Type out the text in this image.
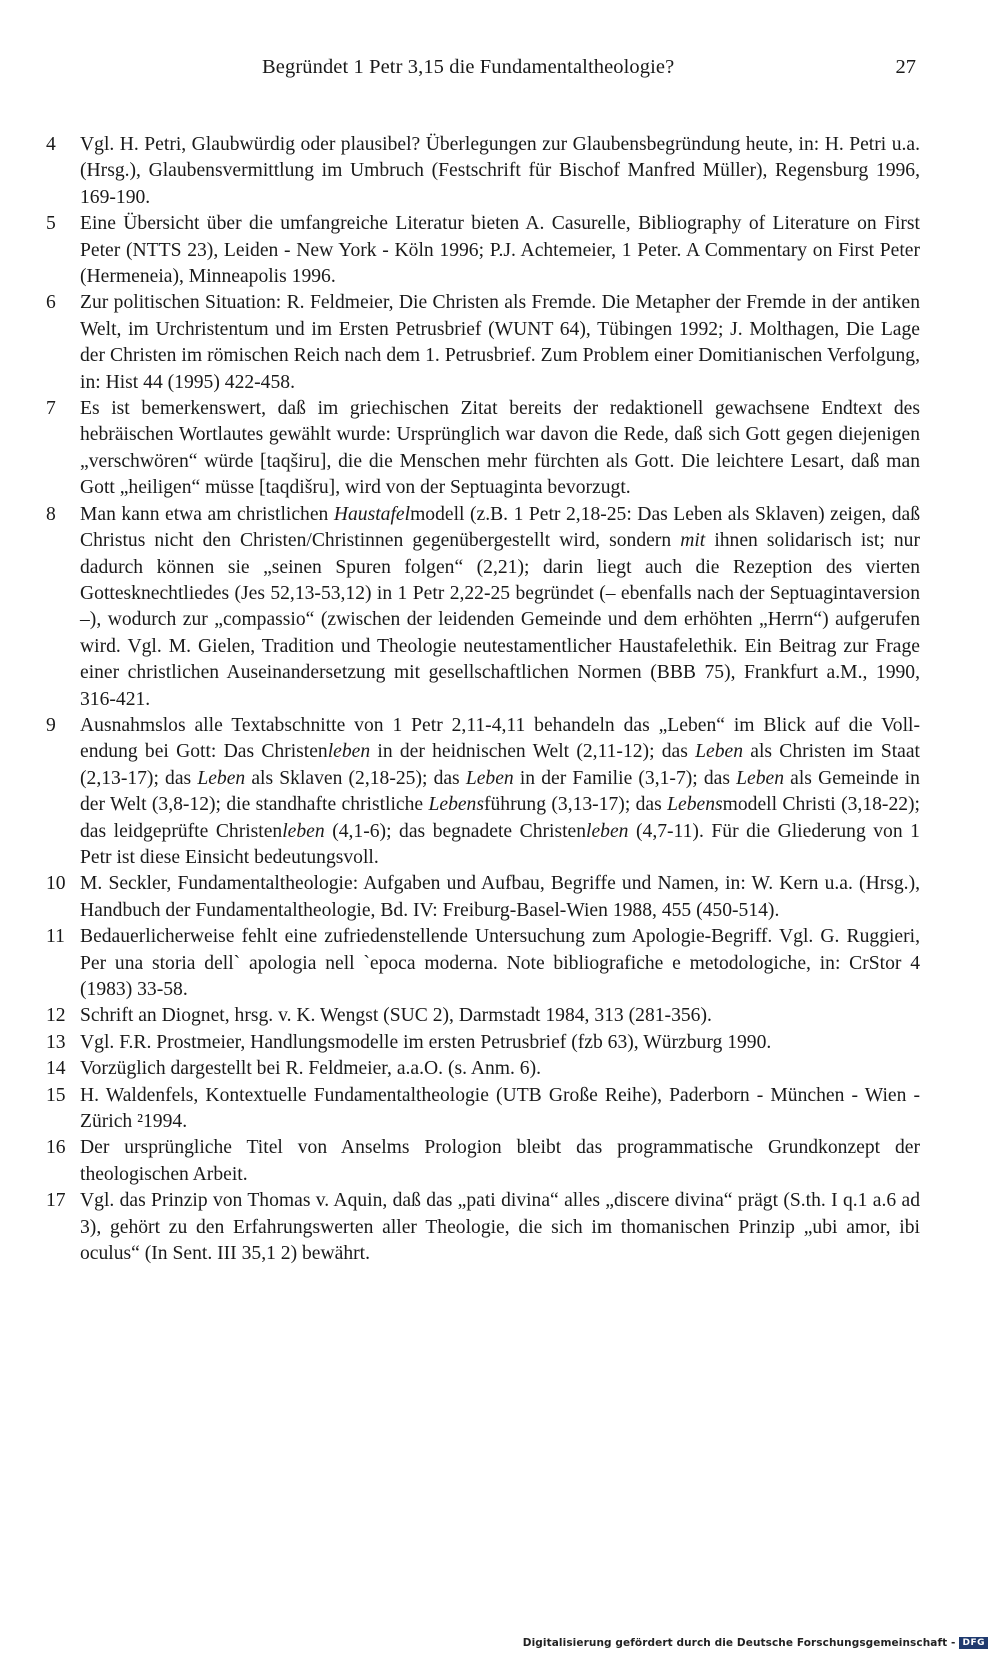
Begründet 1 Petr 3,15 die Fundamentaltheologie?	27
4	Vgl. H. Petri, Glaubwürdig oder plausibel? Überlegungen zur Glaubensbegründung heute, in: H. Petri u.a. (Hrsg.), Glaubensvermittlung im Umbruch (Festschrift für Bischof Manfred Müller), Regensburg 1996, 169-190.
5	Eine Übersicht über die umfangreiche Literatur bieten A. Casurelle, Bibliography of Literature on First Peter (NTTS 23), Leiden - New York - Köln 1996; P.J. Achtemeier, 1 Peter. A Commentary on First Peter (Hermeneia), Minneapolis 1996.
6	Zur politischen Situation: R. Feldmeier, Die Christen als Fremde. Die Metapher der Fremde in der antiken Welt, im Urchristentum und im Ersten Petrusbrief (WUNT 64), Tübingen 1992; J. Molthagen, Die Lage der Christen im römischen Reich nach dem 1. Petrusbrief. Zum Problem einer Domitianischen Verfolgung, in: Hist 44 (1995) 422-458.
7	Es ist bemerkenswert, daß im griechischen Zitat bereits der redaktionell gewachsene Endtext des hebräischen Wortlautes gewählt wurde: Ursprünglich war davon die Rede, daß sich Gott gegen diejenigen „verschwören“ würde [taqširu], die die Menschen mehr fürchten als Gott. Die leichtere Lesart, daß man Gott „heiligen“ müsse [taqdišru], wird von der Septuaginta bevorzugt.
8	Man kann etwa am christlichen Haustafelmodell (z.B. 1 Petr 2,18-25: Das Leben als Sklaven) zeigen, daß Christus nicht den Christen/Christinnen gegenübergestellt wird, sondern mit ihnen solidarisch ist; nur dadurch können sie „seinen Spuren folgen“ (2,21); darin liegt auch die Rezeption des vierten Gottesknechtliedes (Jes 52,13-53,12) in 1 Petr 2,22-25 begründet (– ebenfalls nach der Septuagintaversion –), wodurch zur „compassio“ (zwischen der leidenden Gemeinde und dem erhöhten „Herrn“) aufgerufen wird. Vgl. M. Gielen, Tradition und Theologie neutestamentlicher Haustafelethik. Ein Beitrag zur Frage einer christlichen Auseinandersetzung mit gesellschaftlichen Normen (BBB 75), Frankfurt a.M., 1990, 316-421.
9	Ausnahmslos alle Textabschnitte von 1 Petr 2,11-4,11 behandeln das „Leben“ im Blick auf die Voll-endung bei Gott: Das Christenleben in der heidnischen Welt (2,11-12); das Leben als Christen im Staat (2,13-17); das Leben als Sklaven (2,18-25); das Leben in der Familie (3,1-7); das Leben als Gemeinde in der Welt (3,8-12); die standhafte christliche Lebensführung (3,13-17); das Lebensmodell Christi (3,18-22); das leidgeprüfte Christenleben (4,1-6); das begnadete Christenleben (4,7-11). Für die Gliederung von 1 Petr ist diese Einsicht bedeutungsvoll.
10 M. Seckler, Fundamentaltheologie: Aufgaben und Aufbau, Begriffe und Namen, in: W. Kern u.a. (Hrsg.), Handbuch der Fundamentaltheologie, Bd. IV: Freiburg-Basel-Wien 1988, 455 (450-514).
11 Bedauerlicherweise fehlt eine zufriedenstellende Untersuchung zum Apologie-Begriff. Vgl. G. Ruggieri, Per una storia dell` apologia nell `epoca moderna. Note bibliografiche e metodologiche, in: CrStor 4 (1983) 33-58.
12 Schrift an Diognet, hrsg. v. K. Wengst (SUC 2), Darmstadt 1984, 313 (281-356).
13 Vgl. F.R. Prostmeier, Handlungsmodelle im ersten Petrusbrief (fzb 63), Würzburg 1990.
14 Vorzüglich dargestellt bei R. Feldmeier, a.a.O. (s. Anm. 6).
15 H. Waldenfels, Kontextuelle Fundamentaltheologie (UTB Große Reihe), Paderborn - München - Wien - Zürich ²1994.
16 Der ursprüngliche Titel von Anselms Prologion bleibt das programmatische Grundkonzept der theologischen Arbeit.
17 Vgl. das Prinzip von Thomas v. Aquin, daß das „pati divina“ alles „discere divina“ prägt (S.th. I q.1 a.6 ad 3), gehört zu den Erfahrungswerten aller Theologie, die sich im thomanischen Prinzip „ubi amor, ibi oculus“ (In Sent. III 35,1 2) bewährt.
Digitalisierung gefördert durch die Deutsche Forschungsgemeinschaft - DFG
